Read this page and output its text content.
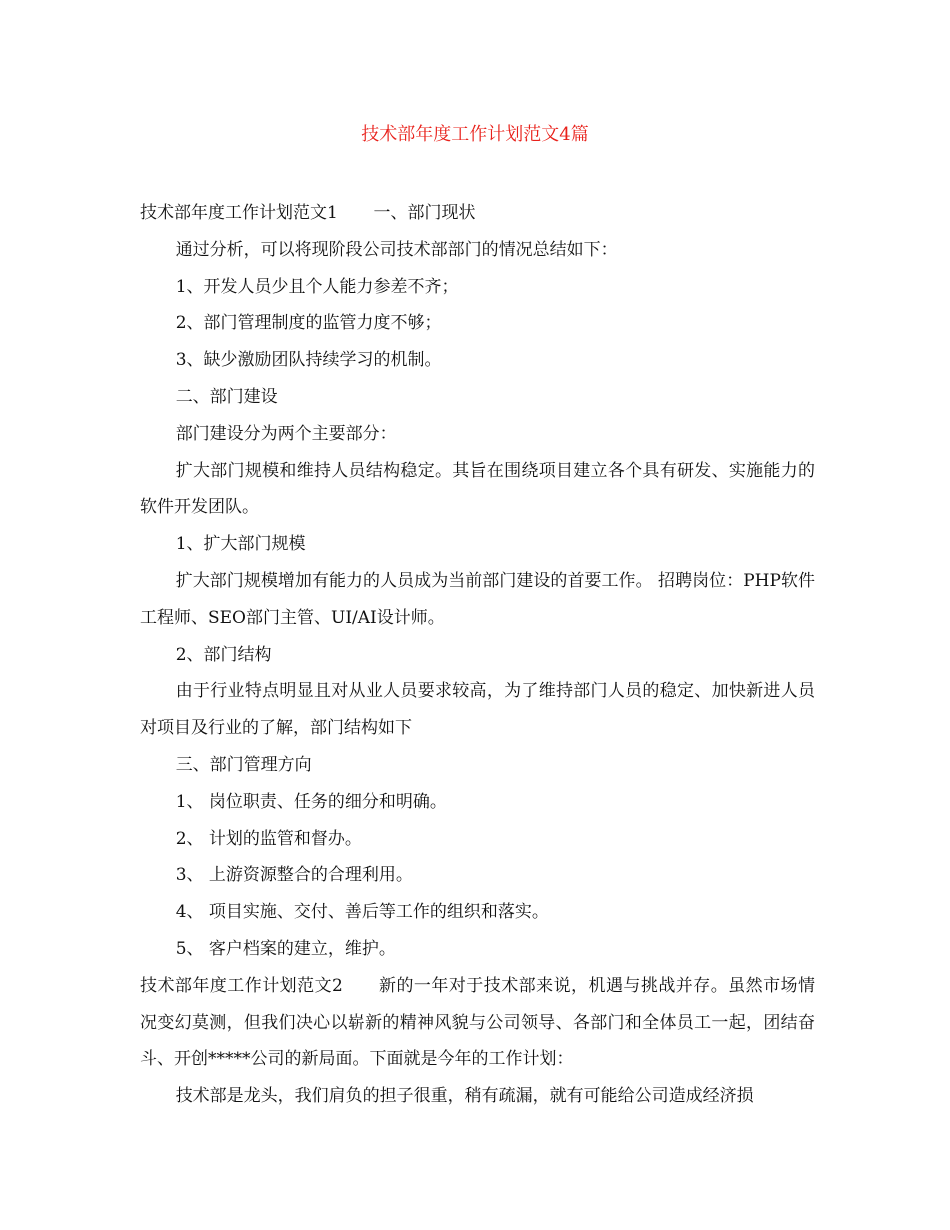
技术部年度工作计划范文4篇

技术部年度工作计划范文1 一、部门现状

通过分析，可以将现阶段公司技术部部门的情况总结如下：

1、开发人员少且个人能力参差不齐；

2、部门管理制度的监管力度不够；

3、缺少激励团队持续学习的机制。

二、部门建设

部门建设分为两个主要部分：

扩大部门规模和维持人员结构稳定。其旨在围绕项目建立各个具有研发、实施能力的软件开发团队。

1、扩大部门规模

扩大部门规模增加有能力的人员成为当前部门建设的首要工作。 招聘岗位：PHP软件工程师、SEO部门主管、UI/AI设计师。

2、部门结构

由于行业特点明显且对从业人员要求较高，为了维持部门人员的稳定、加快新进人员对项目及行业的了解，部门结构如下

三、部门管理方向

1、 岗位职责、任务的细分和明确。

2、 计划的监管和督办。

3、 上游资源整合的合理利用。

4、 项目实施、交付、善后等工作的组织和落实。

5、 客户档案的建立，维护。

技术部年度工作计划范文2 新的一年对于技术部来说，机遇与挑战并存。虽然市场情况变幻莫测，但我们决心以崭新的精神风貌与公司领导、各部门和全体员工一起，团结奋斗、开创*****公司的新局面。下面就是今年的工作计划：

技术部是龙头，我们肩负的担子很重，稍有疏漏，就有可能给公司造成经济损
